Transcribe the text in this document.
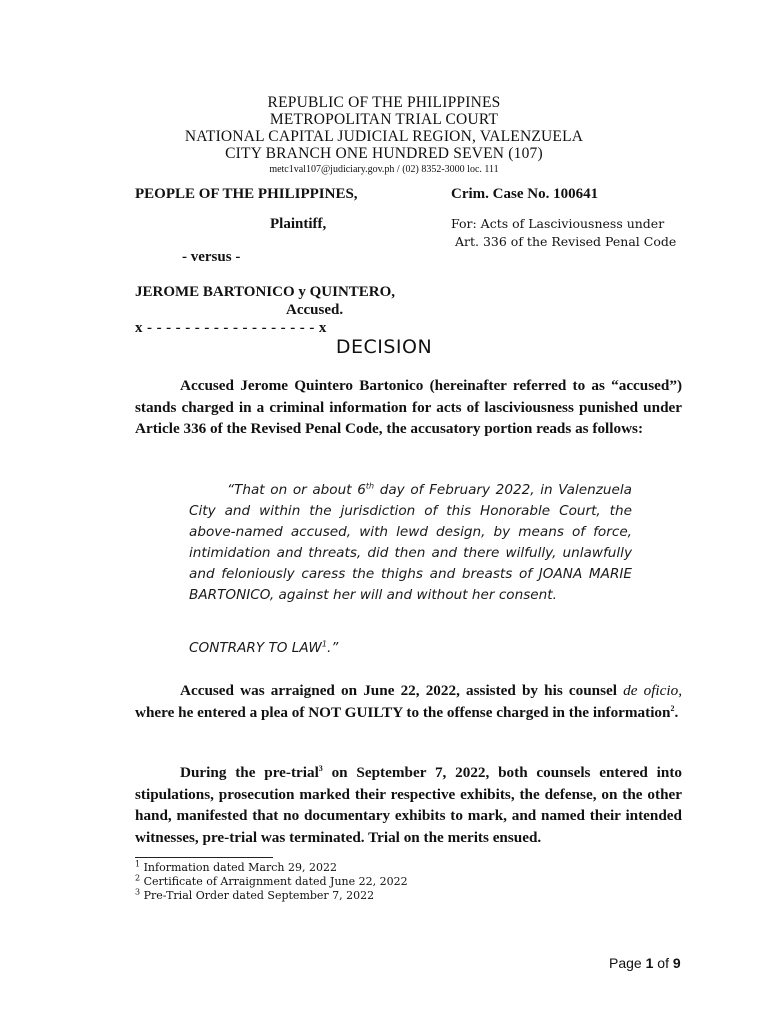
REPUBLIC OF THE PHILIPPINES
METROPOLITAN TRIAL COURT
NATIONAL CAPITAL JUDICIAL REGION, VALENZUELA
CITY BRANCH ONE HUNDRED SEVEN (107)
metc1val107@judiciary.gov.ph / (02) 8352-3000 loc. 111
PEOPLE OF THE PHILIPPINES,	Crim. Case No. 100641
Plaintiff,	For: Acts of Lasciviousness under
Art. 336 of the Revised Penal Code
- versus -
JEROME BARTONICO y QUINTERO,
Accused.
x - - - - - - - - - - - - - - - - - - x
DECISION
Accused Jerome Quintero Bartonico (hereinafter referred to as “accused”) stands charged in a criminal information for acts of lasciviousness punished under Article 336 of the Revised Penal Code, the accusatory portion reads as follows:
“That on or about 6th day of February 2022, in Valenzuela City and within the jurisdiction of this Honorable Court, the above-named accused, with lewd design, by means of force, intimidation and threats, did then and there wilfully, unlawfully and feloniously caress the thighs and breasts of JOANA MARIE BARTONICO, against her will and without her consent.
CONTRARY TO LAW$^1$.”
Accused was arraigned on June 22, 2022, assisted by his counsel de oficio, where he entered a plea of NOT GUILTY to the offense charged in the information$^2$.
During the pre-trial$^3$ on September 7, 2022, both counsels entered into stipulations, prosecution marked their respective exhibits, the defense, on the other hand, manifested that no documentary exhibits to mark, and named their intended witnesses, pre-trial was terminated. Trial on the merits ensued.
$^1$ Information dated March 29, 2022
$^2$ Certificate of Arraignment dated June 22, 2022
$^3$ Pre-Trial Order dated September 7, 2022
Page 1 of 9
